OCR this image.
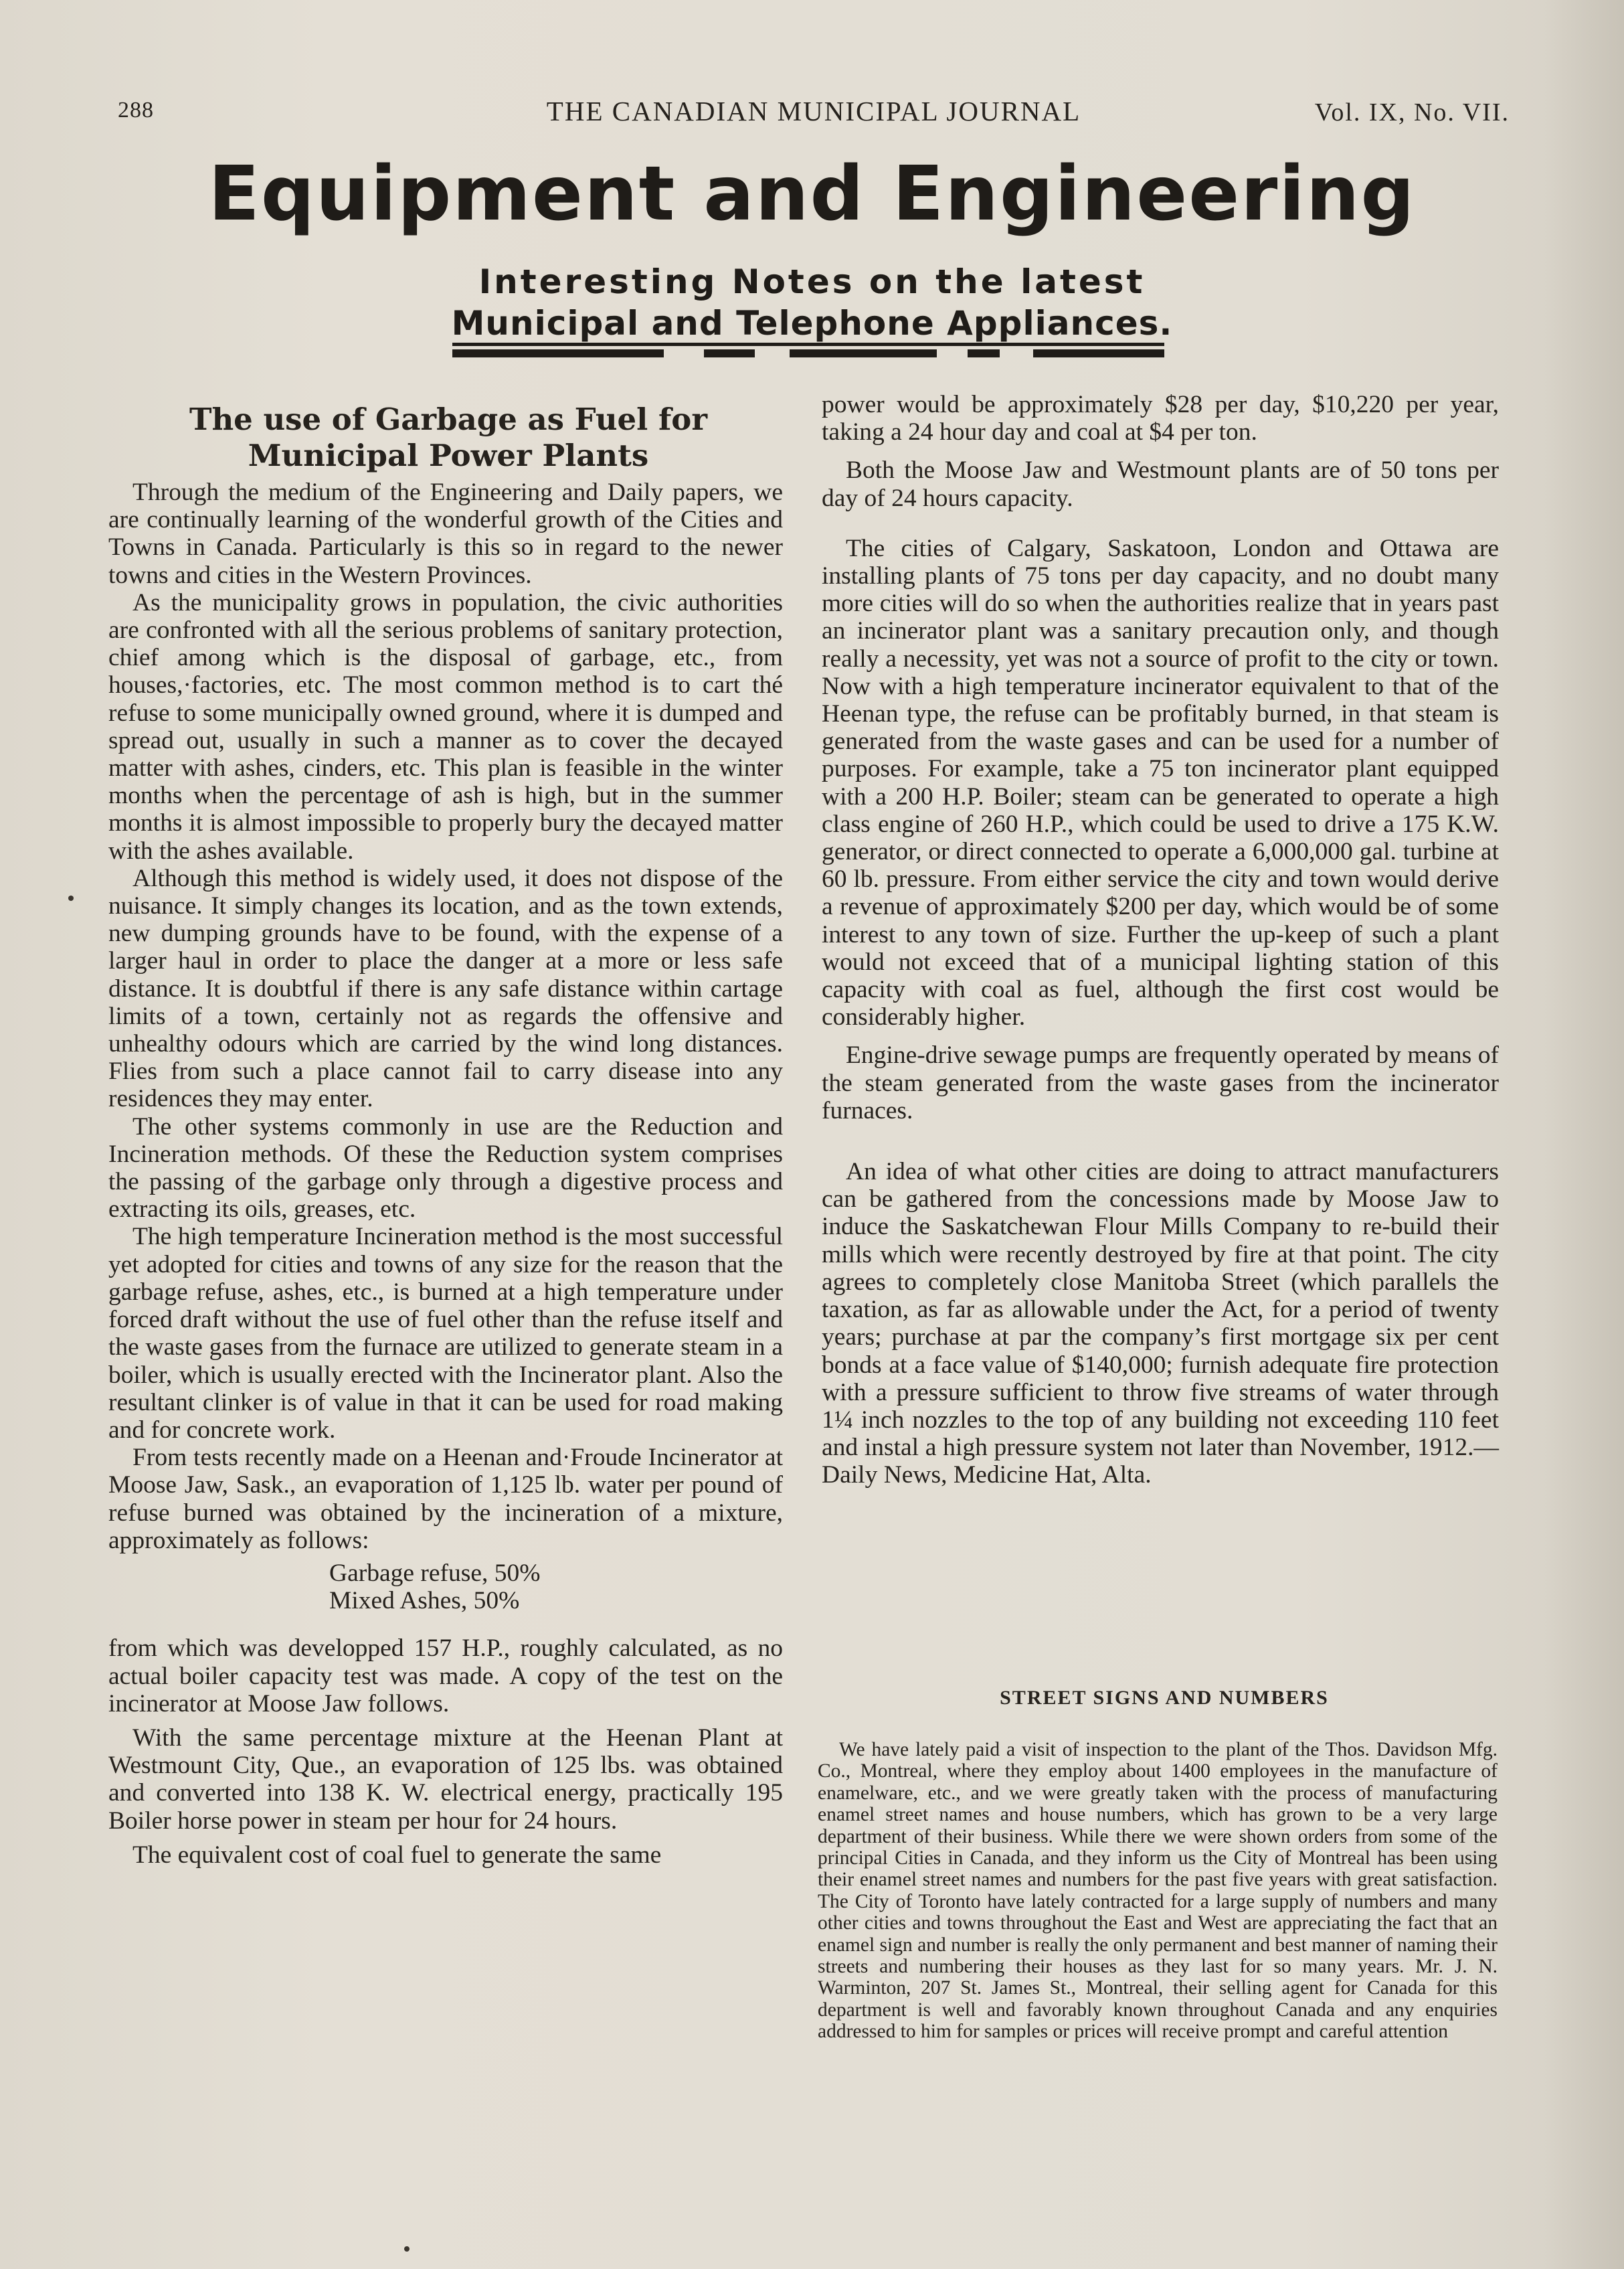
288	THE CANADIAN MUNICIPAL JOURNAL	Vol. IX, No. VII.
Equipment and Engineering
Interesting Notes on the latest
Municipal and Telephone Appliances.
The use of Garbage as Fuel for Municipal Power Plants

Through the medium of the Engineering and Daily papers, we are continually learning of the wonderful growth of the Cities and Towns in Canada. Particularly is this so in regard to the newer towns and cities in the Western Provinces.

As the municipality grows in population, the civic authorities are confronted with all the serious problems of sanitary protection, chief among which is the disposal of garbage, etc., from houses,·factories, etc. The most common method is to cart thé refuse to some municipally owned ground, where it is dumped and spread out, usually in such a manner as to cover the decayed matter with ashes, cinders, etc. This plan is feasible in the winter months when the percentage of ash is high, but in the summer months it is almost impossible to properly bury the decayed matter with the ashes available.

Although this method is widely used, it does not dispose of the nuisance. It simply changes its location, and as the town extends, new dumping grounds have to be found, with the expense of a larger haul in order to place the danger at a more or less safe distance. It is doubtful if there is any safe distance within cartage limits of a town, certainly not as regards the offensive and unhealthy odours which are carried by the wind long distances. Flies from such a place cannot fail to carry disease into any residences they may enter.

The other systems commonly in use are the Reduction and Incineration methods. Of these the Reduction system comprises the passing of the garbage only through a digestive process and extracting its oils, greases, etc.

The high temperature Incineration method is the most successful yet adopted for cities and towns of any size for the reason that the garbage refuse, ashes, etc., is burned at a high temperature under forced draft without the use of fuel other than the refuse itself and the waste gases from the furnace are utilized to generate steam in a boiler, which is usually erected with the Incinerator plant. Also the resultant clinker is of value in that it can be used for road making and for concrete work.

From tests recently made on a Heenan and·Froude Incinerator at Moose Jaw, Sask., an evaporation of 1,125 lb. water per pound of refuse burned was obtained by the incineration of a mixture, approximately as follows:

Garbage refuse, 50%
Mixed Ashes, 50%

from which was developped 157 H.P., roughly calculated, as no actual boiler capacity test was made. A copy of the test on the incinerator at Moose Jaw follows.

With the same percentage mixture at the Heenan Plant at Westmount City, Que., an evaporation of 125 lbs. was obtained and converted into 138 K. W. electrical energy, practically 195 Boiler horse power in steam per hour for 24 hours.

The equivalent cost of coal fuel to generate the same

power would be approximately $28 per day, $10,220 per year, taking a 24 hour day and coal at $4 per ton.

Both the Moose Jaw and Westmount plants are of 50 tons per day of 24 hours capacity.

The cities of Calgary, Saskatoon, London and Ottawa are installing plants of 75 tons per day capacity, and no doubt many more cities will do so when the authorities realize that in years past an incinerator plant was a sanitary precaution only, and though really a necessity, yet was not a source of profit to the city or town. Now with a high temperature incinerator equivalent to that of the Heenan type, the refuse can be profitably burned, in that steam is generated from the waste gases and can be used for a number of purposes. For example, take a 75 ton incinerator plant equipped with a 200 H.P. Boiler; steam can be generated to operate a high class engine of 260 H.P., which could be used to drive a 175 K.W. generator, or direct connected to operate a 6,000,000 gal. turbine at 60 lb. pressure. From either service the city and town would derive a revenue of approximately $200 per day, which would be of some interest to any town of size. Further the up-keep of such a plant would not exceed that of a municipal lighting station of this capacity with coal as fuel, although the first cost would be considerably higher.

Engine-drive sewage pumps are frequently operated by means of the steam generated from the waste gases from the incinerator furnaces.

An idea of what other cities are doing to attract manufacturers can be gathered from the concessions made by Moose Jaw to induce the Saskatchewan Flour Mills Company to re-build their mills which were recently destroyed by fire at that point. The city agrees to completely close Manitoba Street (which parallels the taxation, as far as allowable under the Act, for a period of twenty years; purchase at par the company’s first mortgage six per cent bonds at a face value of $140,000; furnish adequate fire protection with a pressure sufficient to throw five streams of water through 1¼ inch nozzles to the top of any building not exceeding 110 feet and instal a high pressure system not later than November, 1912.—Daily News, Medicine Hat, Alta.

STREET SIGNS AND NUMBERS

We have lately paid a visit of inspection to the plant of the Thos. Davidson Mfg. Co., Montreal, where they employ about 1400 employees in the manufacture of enamelware, etc., and we were greatly taken with the process of manufacturing enamel street names and house numbers, which has grown to be a very large department of their business. While there we were shown orders from some of the principal Cities in Canada, and they inform us the City of Montreal has been using their enamel street names and numbers for the past five years with great satisfaction. The City of Toronto have lately contracted for a large supply of numbers and many other cities and towns throughout the East and West are appreciating the fact that an enamel sign and number is really the only permanent and best manner of naming their streets and numbering their houses as they last for so many years. Mr. J. N. Warminton, 207 St. James St., Montreal, their selling agent for Canada for this department is well and favorably known throughout Canada and any enquiries addressed to him for samples or prices will receive prompt and careful attention
